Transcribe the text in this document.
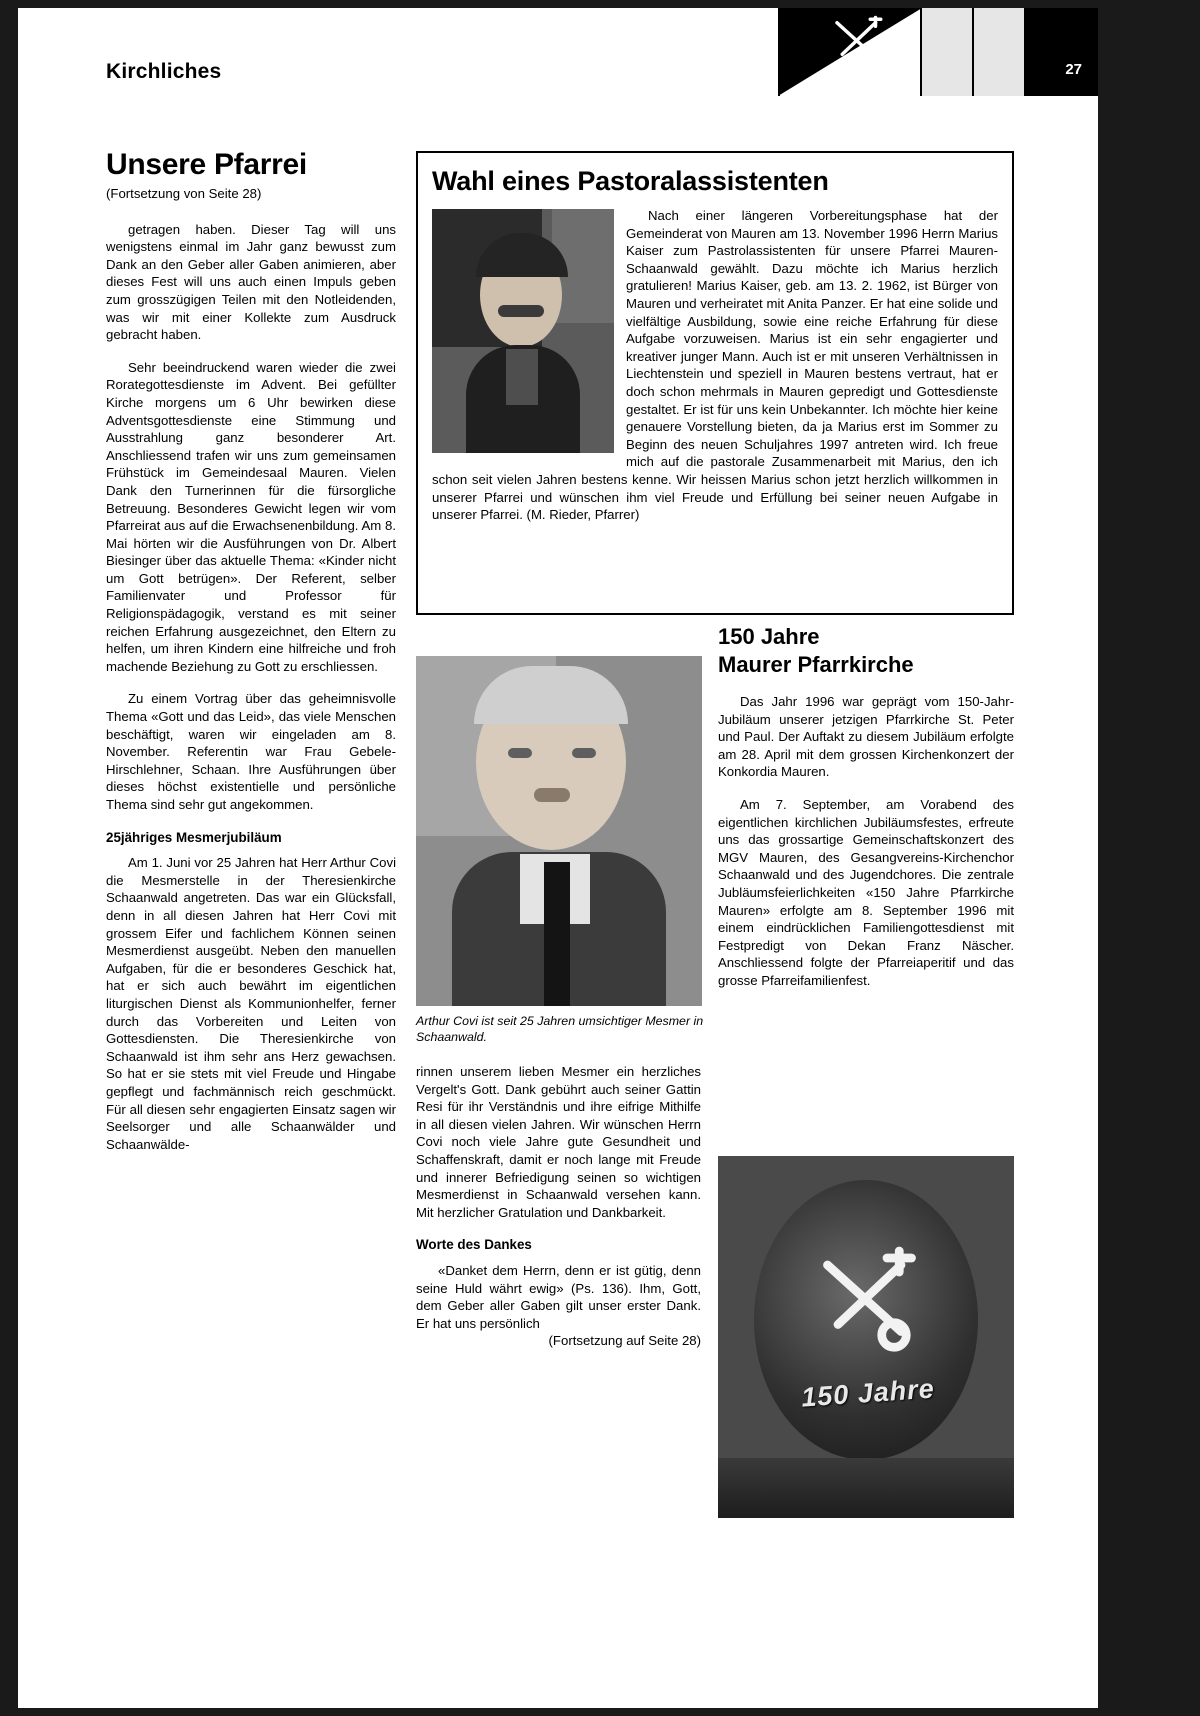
Kirchliches	27
Unsere Pfarrei
(Fortsetzung von Seite 28)

getragen haben. Dieser Tag will uns wenigstens einmal im Jahr ganz bewusst zum Dank an den Geber aller Gaben animieren, aber dieses Fest will uns auch einen Impuls geben zum grosszügigen Teilen mit den Notleidenden, was wir mit einer Kollekte zum Ausdruck gebracht haben.

Sehr beeindruckend waren wieder die zwei Rorategottesdienste im Advent. Bei gefüllter Kirche morgens um 6 Uhr bewirken diese Adventsgottesdienste eine Stimmung und Ausstrahlung ganz besonderer Art. Anschliessend trafen wir uns zum gemeinsamen Frühstück im Gemeindesaal Mauren. Vielen Dank den Turnerinnen für die fürsorgliche Betreuung. Besonderes Gewicht legen wir vom Pfarreirat aus auf die Erwachsenenbildung. Am 8. Mai hörten wir die Ausführungen von Dr. Albert Biesinger über das aktuelle Thema: «Kinder nicht um Gott betrügen». Der Referent, selber Familienvater und Professor für Religionspädagogik, verstand es mit seiner reichen Erfahrung ausgezeichnet, den Eltern zu helfen, um ihren Kindern eine hilfreiche und froh machende Beziehung zu Gott zu erschliessen.

Zu einem Vortrag über das geheimnisvolle Thema «Gott und das Leid», das viele Menschen beschäftigt, waren wir eingeladen am 8. November. Referentin war Frau Gebele-Hirschlehner, Schaan. Ihre Ausführungen über dieses höchst existentielle und persönliche Thema sind sehr gut angekommen.

25jähriges Mesmerjubiläum

Am 1. Juni vor 25 Jahren hat Herr Arthur Covi die Mesmerstelle in der Theresienkirche Schaanwald angetreten. Das war ein Glücksfall, denn in all diesen Jahren hat Herr Covi mit grossem Eifer und fachlichem Können seinen Mesmerdienst ausgeübt. Neben den manuellen Aufgaben, für die er besonderes Geschick hat, hat er sich auch bewährt im eigentlichen liturgischen Dienst als Kommunionhelfer, ferner durch das Vorbereiten und Leiten von Gottesdiensten. Die Theresienkirche von Schaanwald ist ihm sehr ans Herz gewachsen. So hat er sie stets mit viel Freude und Hingabe gepflegt und fachmännisch reich geschmückt. Für all diesen sehr engagierten Einsatz sagen wir Seelsorger und alle Schaanwälder und Schaanwälde-

Wahl eines Pastoralassistenten

Nach einer längeren Vorbereitungsphase hat der Gemeinderat von Mauren am 13. November 1996 Herrn Marius Kaiser zum Pastrolassistenten für unsere Pfarrei Mauren-Schaanwald gewählt. Dazu möchte ich Marius herzlich gratulieren! Marius Kaiser, geb. am 13. 2. 1962, ist Bürger von Mauren und verheiratet mit Anita Panzer. Er hat eine solide und vielfältige Ausbildung, sowie eine reiche Erfahrung für diese Aufgabe vorzuweisen. Marius ist ein sehr engagierter und kreativer junger Mann. Auch ist er mit unseren Verhältnissen in Liechtenstein und speziell in Mauren bestens vertraut, hat er doch schon mehrmals in Mauren gepredigt und Gottesdienste gestaltet. Er ist für uns kein Unbekannter. Ich möchte hier keine genauere Vorstellung bieten, da ja Marius erst im Sommer zu Beginn des neuen Schuljahres 1997 antreten wird. Ich freue mich auf die pastorale Zusammenarbeit mit Marius, den ich schon seit vielen Jahren bestens kenne. Wir heissen Marius schon jetzt herzlich willkommen in unserer Pfarrei und wünschen ihm viel Freude und Erfüllung bei seiner neuen Aufgabe in unserer Pfarrei. (M. Rieder, Pfarrer)

Arthur Covi ist seit 25 Jahren umsichtiger Mesmer in Schaanwald.

rinnen unserem lieben Mesmer ein herzliches Vergelt's Gott. Dank gebührt auch seiner Gattin Resi für ihr Verständnis und ihre eifrige Mithilfe in all diesen vielen Jahren. Wir wünschen Herrn Covi noch viele Jahre gute Gesundheit und Schaffenskraft, damit er noch lange mit Freude und innerer Befriedigung seinen so wichtigen Mesmerdienst in Schaanwald versehen kann. Mit herzlicher Gratulation und Dankbarkeit.

Worte des Dankes

«Danket dem Herrn, denn er ist gütig, denn seine Huld währt ewig» (Ps. 136). Ihm, Gott, dem Geber aller Gaben gilt unser erster Dank. Er hat uns persönlich

(Fortsetzung auf Seite 28)

150 Jahre
Maurer Pfarrkirche

Das Jahr 1996 war geprägt vom 150-Jahr-Jubiläum unserer jetzigen Pfarrkirche St. Peter und Paul. Der Auftakt zu diesem Jubiläum erfolgte am 28. April mit dem grossen Kirchenkonzert der Konkordia Mauren.

Am 7. September, am Vorabend des eigentlichen kirchlichen Jubiläumsfestes, erfreute uns das grossartige Gemeinschaftskonzert des MGV Mauren, des Gesangvereins-Kirchenchor Schaanwald und des Jugendchores. Die zentrale Jubläumsfeierlichkeiten «150 Jahre Pfarrkirche Mauren» erfolgte am 8. September 1996 mit einem eindrücklichen Familiengottesdienst mit Festpredigt von Dekan Franz Näscher. Anschliessend folgte der Pfarreiaperitif und das grosse Pfarreifamilienfest.

150 Jahre
